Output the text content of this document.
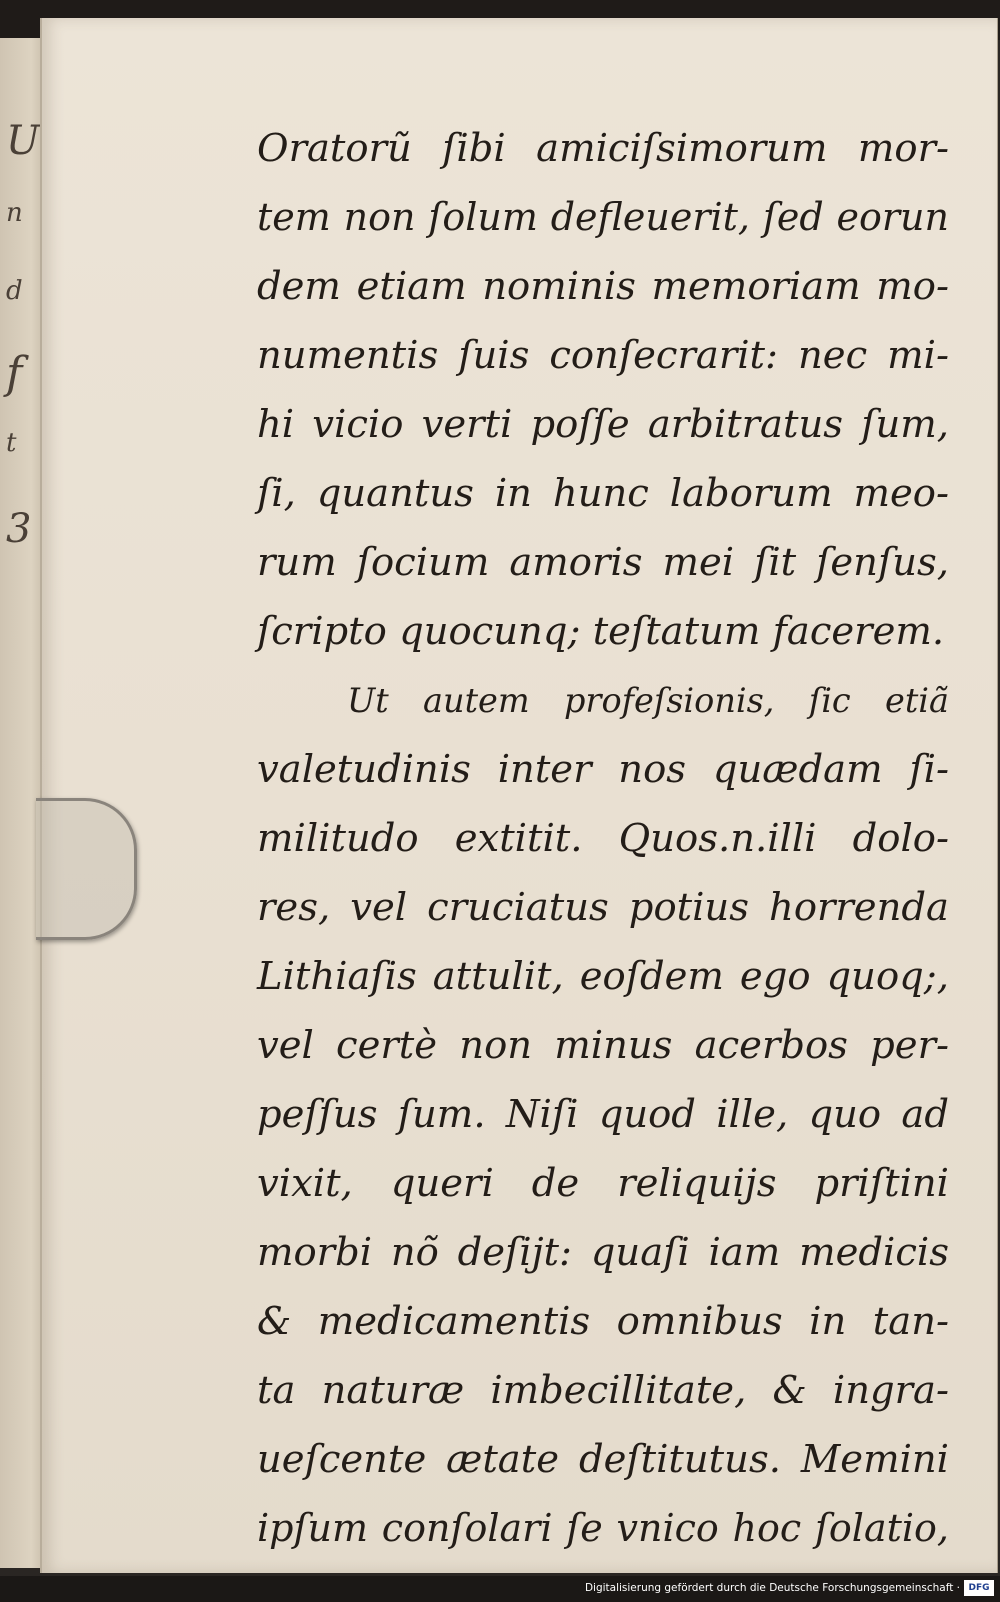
U
n
d
f
t
3
Oratorũ ſibi amiciſsimorum mor-
tem non ſolum defleuerit, ſed eorun
dem etiam nominis memoriam mo-
numentis ſuis conſecrarit: nec mi-
hi vicio verti poſſe arbitratus ſum,
ſi, quantus in hunc laborum meo-
rum ſocium amoris mei ſit ſenſus,
ſcripto quocunq; teſtatum facerem.
Ut autem profeſsionis, ſic etiã
valetudinis inter nos quædam ſi-
militudo extitit. Quos.n.illi dolo-
res, vel cruciatus potius horrenda
Lithiaſis attulit, eoſdem ego quoq;,
vel certè non minus acerbos per-
peſſus ſum. Niſi quod ille, quo ad
vixit, queri de reliquijs priſtini
morbi nõ deſijt: quaſi iam medicis
& medicamentis omnibus in tan-
ta naturæ imbecillitate, & ingra-
ueſcente ætate deſtitutus. Memini
ipſum conſolari ſe vnico hoc ſolatio,
Digitalisierung gefördert durch die Deutsche Forschungsgemeinschaft · DFG
